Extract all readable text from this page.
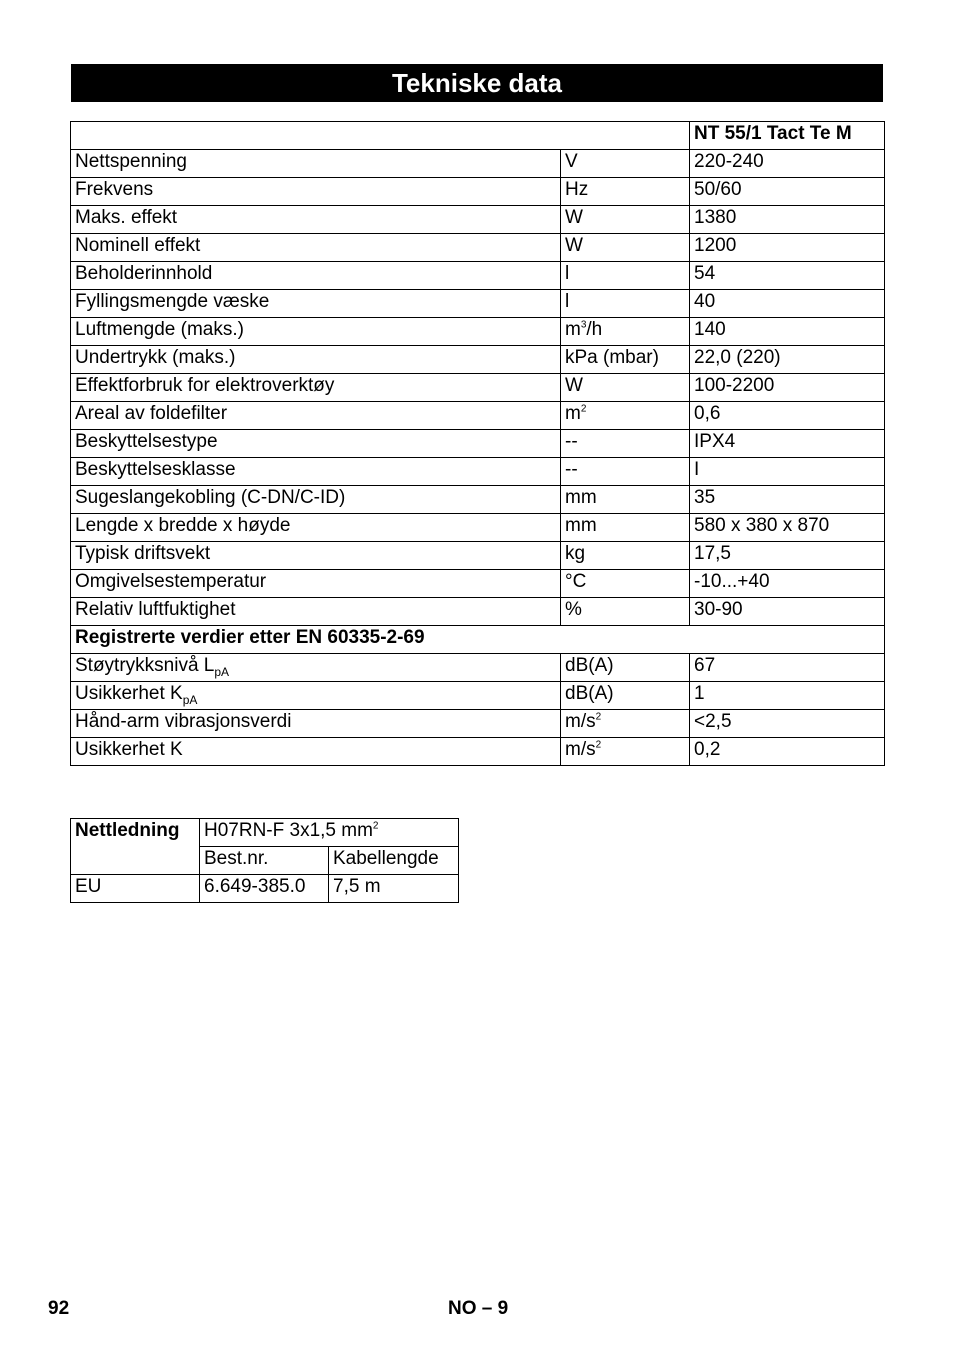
Tekniske data
		NT 55/1 Tact Te M
Nettspenning	V	220-240
Frekvens	Hz	50/60
Maks. effekt	W	1380
Nominell effekt	W	1200
Beholderinnhold	l	54
Fyllingsmengde væske	l	40
Luftmengde (maks.)	$m^3/h$	140
Undertrykk (maks.)	kPa (mbar)	22,0 (220)
Effektforbruk for elektroverktøy	W	100-2200
Areal av foldefilter	$m^2$	0,6
Beskyttelsestype	--	IPX4
Beskyttelsesklasse	--	I
Sugeslangekobling (C-DN/C-ID)	mm	35
Lengde x bredde x høyde	mm	580 x 380 x 870
Typisk driftsvekt	kg	17,5
Omgivelsestemperatur	°C	-10...+40
Relativ luftfuktighet	%	30-90
Registrerte verdier etter EN 60335-2-69		
Støytrykksnivå $L_{pA}$	dB(A)	67
Usikkerhet $K_{pA}$	dB(A)	1
Hånd-arm vibrasjonsverdi	$m/s^2$	<2,5
Usikkerhet K	$m/s^2$	0,2
Nettledning	H07RN-F 3x1,5 $mm^2$
	Best.nr.	Kabellengde
EU	6.649-385.0	7,5 m
92	NO – 9
